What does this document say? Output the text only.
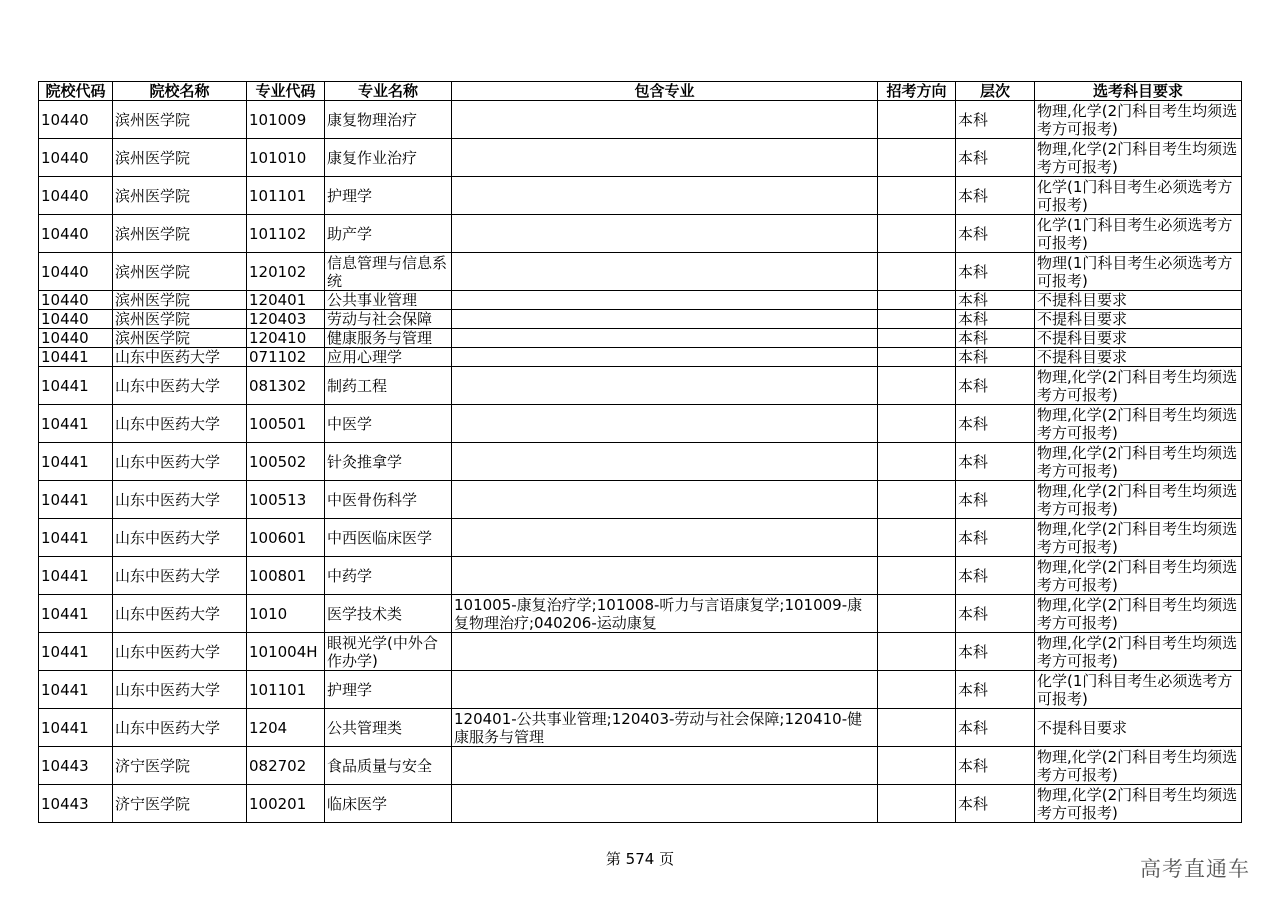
院校代码	院校名称	专业代码	专业名称	包含专业	招考方向	层次	选考科目要求
10440	滨州医学院	101009	康复物理治疗			本科	物理,化学(2门科目考生均须选考方可报考)
10440	滨州医学院	101010	康复作业治疗			本科	物理,化学(2门科目考生均须选考方可报考)
10440	滨州医学院	101101	护理学			本科	化学(1门科目考生必须选考方可报考)
10440	滨州医学院	101102	助产学			本科	化学(1门科目考生必须选考方可报考)
10440	滨州医学院	120102	信息管理与信息系统			本科	物理(1门科目考生必须选考方可报考)
10440	滨州医学院	120401	公共事业管理			本科	不提科目要求
10440	滨州医学院	120403	劳动与社会保障			本科	不提科目要求
10440	滨州医学院	120410	健康服务与管理			本科	不提科目要求
10441	山东中医药大学	071102	应用心理学			本科	不提科目要求
10441	山东中医药大学	081302	制药工程			本科	物理,化学(2门科目考生均须选考方可报考)
10441	山东中医药大学	100501	中医学			本科	物理,化学(2门科目考生均须选考方可报考)
10441	山东中医药大学	100502	针灸推拿学			本科	物理,化学(2门科目考生均须选考方可报考)
10441	山东中医药大学	100513	中医骨伤科学			本科	物理,化学(2门科目考生均须选考方可报考)
10441	山东中医药大学	100601	中西医临床医学			本科	物理,化学(2门科目考生均须选考方可报考)
10441	山东中医药大学	100801	中药学			本科	物理,化学(2门科目考生均须选考方可报考)
10441	山东中医药大学	1010	医学技术类	101005-康复治疗学;101008-听力与言语康复学;101009-康复物理治疗;040206-运动康复		本科	物理,化学(2门科目考生均须选考方可报考)
10441	山东中医药大学	101004H	眼视光学(中外合作办学)			本科	物理,化学(2门科目考生均须选考方可报考)
10441	山东中医药大学	101101	护理学			本科	化学(1门科目考生必须选考方可报考)
10441	山东中医药大学	1204	公共管理类	120401-公共事业管理;120403-劳动与社会保障;120410-健康服务与管理		本科	不提科目要求
10443	济宁医学院	082702	食品质量与安全			本科	物理,化学(2门科目考生均须选考方可报考)
10443	济宁医学院	100201	临床医学			本科	物理,化学(2门科目考生均须选考方可报考)
第 574 页	高考直通车
